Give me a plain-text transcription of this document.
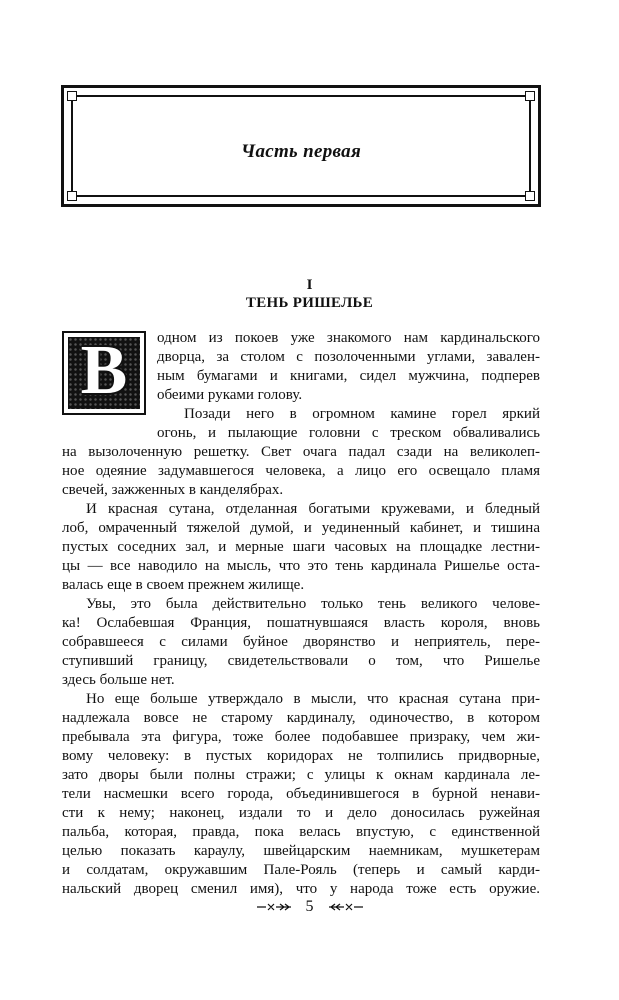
Часть первая
I
ТЕНЬ РИШЕЛЬЕ
В	одном из покоев уже знакомого нам кардинальского
дворца, за столом с позолоченными углами, завален-
ным бумагами и книгами, сидел мужчина, подперев
обеими руками голову.
Позади него в огромном камине горел яркий
огонь, и пылающие головни с треском обваливались
на вызолоченную решетку. Свет очага падал сзади на великолеп-
ное одеяние задумавшегося человека, а лицо его освещало пламя
свечей, зажженных в канделябрах.
И красная сутана, отделанная богатыми кружевами, и бледный
лоб, омраченный тяжелой думой, и уединенный кабинет, и тишина
пустых соседних зал, и мерные шаги часовых на площадке лестни-
цы — все наводило на мысль, что это тень кардинала Ришелье оста-
валась еще в своем прежнем жилище.
Увы, это была действительно только тень великого челове-
ка! Ослабевшая Франция, пошатнувшаяся власть короля, вновь
собравшееся с силами буйное дворянство и неприятель, пере-
ступивший границу, свидетельствовали о том, что Ришелье
здесь больше нет.
Но еще больше утверждало в мысли, что красная сутана при-
надлежала вовсе не старому кардиналу, одиночество, в котором
пребывала эта фигура, тоже более подобавшее призраку, чем жи-
вому человеку: в пустых коридорах не толпились придворные,
зато дворы были полны стражи; с улицы к окнам кардинала ле-
тели насмешки всего города, объединившегося в бурной ненави-
сти к нему; наконец, издали то и дело доносилась ружейная
пальба, которая, правда, пока велась впустую, с единственной
целью показать караулу, швейцарским наемникам, мушкетерам
и солдатам, окружавшим Пале-Рояль (теперь и самый карди-
нальский дворец сменил имя), что у народа тоже есть оружие.
5
